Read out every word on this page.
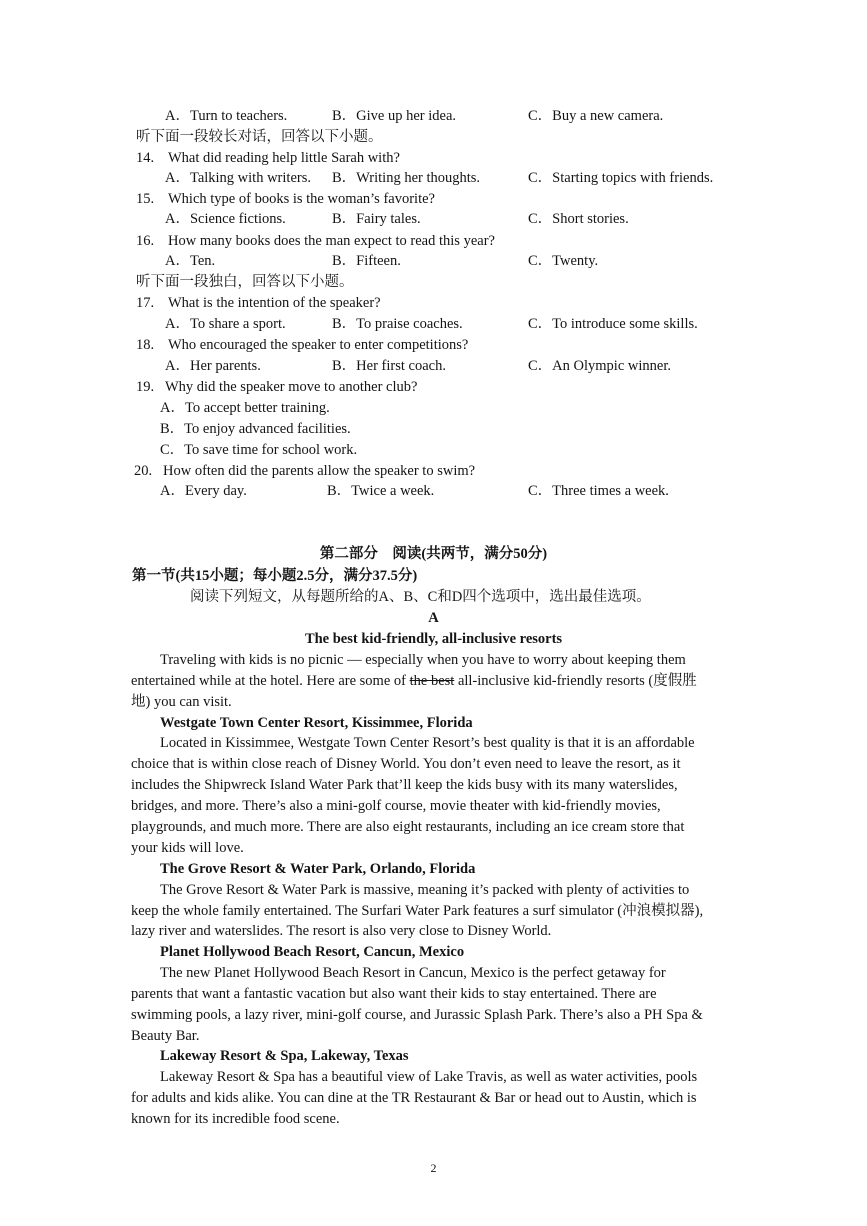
A．Turn to teachers.	B．Give up her idea.	C．Buy a new camera.
听下面一段较长对话，回答以下小题。
14. What did reading help little Sarah with?
A．Talking with writers. B．Writing her thoughts.	C．Starting topics with friends.
15. Which type of books is the woman’s favorite?
A．Science fictions.	B．Fairy tales.	C．Short stories.
16. How many books does the man expect to read this year?
A．Ten.	B．Fifteen.	C．Twenty.
听下面一段独白，回答以下小题。
17. What is the intention of the speaker?
A．To share a sport.	B．To praise coaches.	C．To introduce some skills.
18. Who encouraged the speaker to enter competitions?
A．Her parents.	B．Her first coach.	C．An Olympic winner.
19. Why did the speaker move to another club?
A．To accept better training.
B．To enjoy advanced facilities.
C．To save time for school work.
20. How often did the parents allow the speaker to swim?
A．Every day.	B．Twice a week.	C．Three times a week.
第二部分　阅读(共两节，满分50分)
第一节(共15小题；每小题2.5分，满分37.5分)
阅读下列短文，从每题所给的A、B、C和D四个选项中，选出最佳选项。
A
The best kid-friendly, all-inclusive resorts
Traveling with kids is no picnic — especially when you have to worry about keeping them
entertained while at the hotel. Here are some of the best all-inclusive kid-friendly resorts (度假胜
地) you can visit.
Westgate Town Center Resort, Kissimmee, Florida
Located in Kissimmee, Westgate Town Center Resort’s best quality is that it is an affordable
choice that is within close reach of Disney World. You don’t even need to leave the resort, as it
includes the Shipwreck Island Water Park that’ll keep the kids busy with its many waterslides,
bridges, and more. There’s also a mini-golf course, movie theater with kid-friendly movies,
playgrounds, and much more. There are also eight restaurants, including an ice cream store that
your kids will love.
The Grove Resort & Water Park, Orlando, Florida
The Grove Resort & Water Park is massive, meaning it’s packed with plenty of activities to
keep the whole family entertained. The Surfari Water Park features a surf simulator (冲浪模拟器),
lazy river and waterslides. The resort is also very close to Disney World.
Planet Hollywood Beach Resort, Cancun, Mexico
The new Planet Hollywood Beach Resort in Cancun, Mexico is the perfect getaway for
parents that want a fantastic vacation but also want their kids to stay entertained. There are
swimming pools, a lazy river, mini-golf course, and Jurassic Splash Park. There’s also a PH Spa &
Beauty Bar.
Lakeway Resort & Spa, Lakeway, Texas
Lakeway Resort & Spa has a beautiful view of Lake Travis, as well as water activities, pools
for adults and kids alike. You can dine at the TR Restaurant & Bar or head out to Austin, which is
known for its incredible food scene.
2
